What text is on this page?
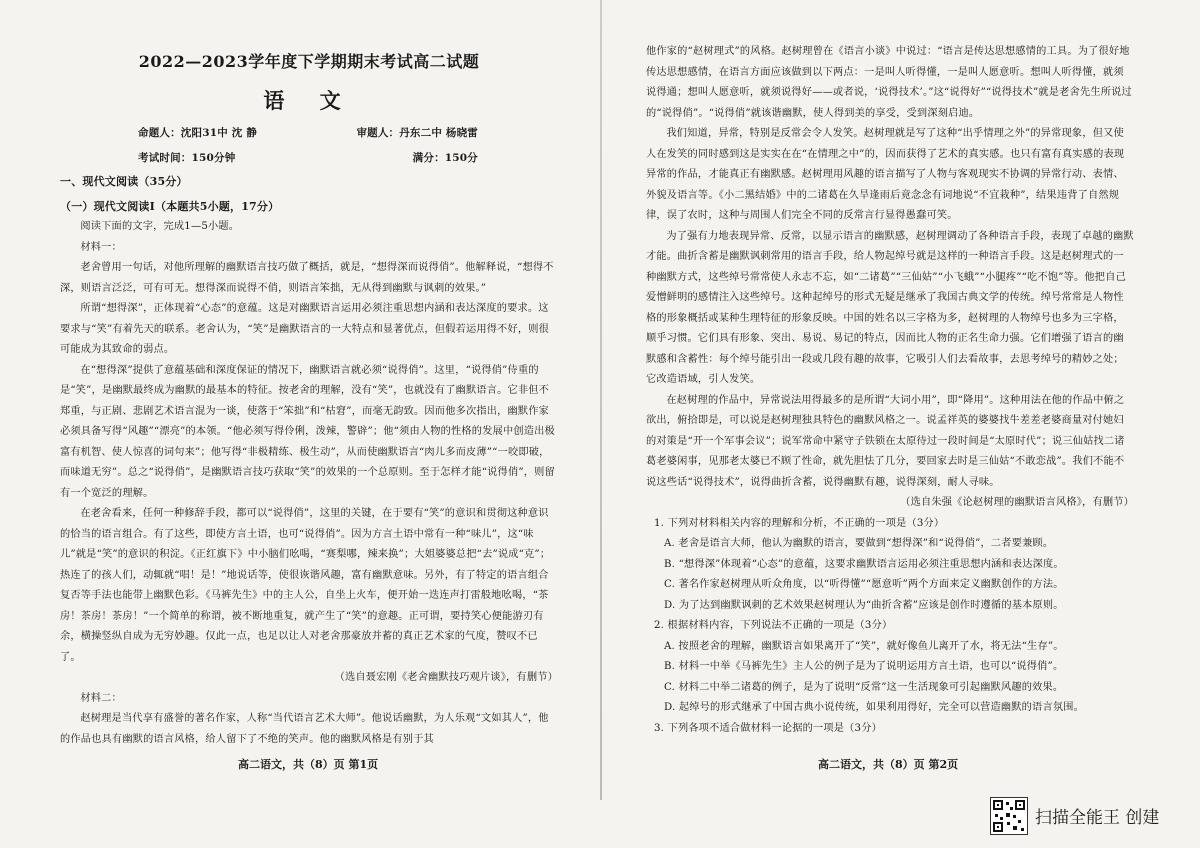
2022—2023学年度下学期期末考试高二试题
语 文
命题人：沈阳31中 沈 静	审题人：丹东二中 杨晓雷
考试时间：150分钟	满分：150分
一、现代文阅读（35分）
（一）现代文阅读Ⅰ（本题共5小题，17分）

阅读下面的文字，完成1—5小题。

材料一：

老舍曾用一句话，对他所理解的幽默语言技巧做了概括，就是，“想得深而说得俏”。他解释说，“想得不深，则语言泛泛，可有可无。想得深而说得不俏，则语言笨拙，无从得到幽默与讽刺的效果。”

所谓“想得深”，正体现着“心态”的意蕴。这是对幽默语言运用必须注重思想内涵和表达深度的要求。这要求与“笑”有着先天的联系。老舍认为，“笑”是幽默语言的一大特点和显著优点，但假若运用得不好，则很可能成为其致命的弱点。

在“想得深”提供了意蕴基础和深度保证的情况下，幽默语言就必须“说得俏”。这里，“说得俏”侍重的是“笑”，是幽默最终成为幽默的最基本的特征。按老舍的理解，没有“笑”，也就没有了幽默语言。它非但不郑重，与正剧、悲剧艺术语言混为一谈，使落于“笨拙”和“枯窘”，而毫无韵致。因而他多次指出，幽默作家必须具备写得“风趣”“漂亮”的本领。“他必须写得伶俐，泼辣，警辟”；他“须由人物的性格的发展中创造出极富有机智、使人惊喜的词句来”；他写得“非极精练、极生动”，从而使幽默语言“肉儿多而皮薄”“一咬即破，而味道无穷”。总之“说得俏”，是幽默语言技巧获取“笑”的效果的一个总原则。至于怎样才能“说得俏”，则留有一个宽泛的理解。

在老舍看来，任何一种修辞手段，都可以“说得俏”，这里的关键，在于要有“笑”的意识和贯彻这种意识的恰当的语言组合。有了这些，即使方言土语，也可“说得俏”。因为方言土语中常有一种“味儿”，这“味儿”就是“笑”的意识的积淀。《正红旗下》中小脑们吆喝，“赛梨哪，辣来换”；大姐婆婆总把“去”说成“克”；热连了的孩人们，动辄就“唱！是！”地说话等，使很诙谐风趣，富有幽默意味。另外，有了特定的语言组合复否等手法也能带上幽默色彩。《马裤先生》中的主人公，自坐上火车，便开始一迭连声打雷般地吆喝，“茶房！茶房！茶房！”一个简单的称谓，被不断地重复，就产生了“笑”的意趣。正可谓，要持笑心便能游刃有余，横操竖纵自成为无穷妙趣。仅此一点，也足以让人对老舍那豪放并蓄的真正艺术家的气度，赞叹不已了。

（选自聂宏刚《老舍幽默技巧观片谈》，有删节）

材料二：

赵树理是当代享有盛誉的著名作家，人称“当代语言艺术大师”。他说话幽默，为人乐观“文如其人”，他的作品也具有幽默的语言风格，给人留下了不绝的笑声。他的幽默风格是有别于其

高二语文，共（8）页 第1页

他作家的“赵树理式”的风格。赵树理曾在《语言小谈》中说过：“语言是传达思想感情的工具。为了很好地传达思想感情，在语言方面应该做到以下两点：一是叫人听得懂，一是叫人愿意听。想叫人听得懂，就须说得通；想叫人愿意听，就须说得好——或者说，‘说得技术’。”这“说得好”“说得技术”就是老舍先生所说过的“说得俏”。“说得俏”就该谐幽默，使人得到美的享受，受到深刻启迪。

我们知道，异常，特别是反常会令人发笑。赵树理就是写了这种“出乎情理之外”的异常现象，但又使人在发笑的同时感到这是实实在在“在情理之中”的，因而获得了艺术的真实感。也只有富有真实感的表现异常的作品，才能真正有幽默感。赵树理用风趣的语言描写了人物与客观现实不协调的异常行动、表情、外貌及语言等。《小二黑结婚》中的二诸葛在久旱逢雨后竟念念有词地说“不宜栽种”，结果违背了自然规律，误了农时，这种与周围人们完全不同的反常言行显得愚蠢可笑。

为了强有力地表现异常、反常，以显示语言的幽默感，赵树理调动了各种语言手段，表现了卓越的幽默才能。曲折含蓄是幽默讽刺常用的语言手段，给人物起绰号就是这样的一种语言手段。这是赵树理式的一种幽默方式，这些绰号常常使人永志不忘，如“二诸葛”“三仙姑”“小飞蛾”“小腿疼”“吃不饱”等。他把自己爱憎鲜明的感情注入这些绰号。这种起绰号的形式无疑是继承了我国古典文学的传统。绰号常常是人物性格的形象概括或某种生理特征的形象反映。中国的姓名以三字格为多，赵树理的人物绰号也多为三字格，顺乎习惯。它们具有形象、突出、易说、易记的特点，因而比人物的正名生命力强。它们增强了语言的幽默感和含蓄性：每个绰号能引出一段或几段有趣的故事，它吸引人们去看故事，去思考绰号的精妙之处；它改造语域，引人发笑。

在赵树理的作品中，异常说法用得最多的是所谓“大词小用”，即“降用”。这种用法在他的作品中俯之欲出，俯拾即是，可以说是赵树理独具特色的幽默风格之一。说孟祥英的婆婆找牛差差老婆商量对付她妇的对策是“开一个军事会议”；说军常命中紧守子铁锁在太原待过一段时间是“太原时代”；说三仙姑找二诸葛老婆闲事，见那老太婆已不顾了性命，就先胆怯了几分，要回家去时是三仙姑“不敢恋战”。我们不能不说这些话“说得技术”，说得曲折含蓄，说得幽默有趣，说得深刻，耐人寻味。

（选自朱强《论赵树理的幽默语言风格》，有删节）

1. 下列对材料相关内容的理解和分析，不正确的一项是（3分）

A. 老舍是语言大师，他认为幽默的语言，要做到“想得深”和“说得俏”，二者要兼顾。

B. “想得深”体现着“心态”的意蕴，这要求幽默语言运用必须注重思想内涵和表达深度。

C. 著名作家赵树理从听众角度，以“听得懂”“愿意听”两个方面来定义幽默创作的方法。

D. 为了达到幽默讽刺的艺术效果赵树理认为“曲折含蓄”应该是创作时遵循的基本原则。

2. 根据材料内容，下列说法不正确的一项是（3分）

A. 按照老舍的理解，幽默语言如果离开了“笑”，就好像鱼儿离开了水，将无法“生存”。

B. 材料一中举《马裤先生》主人公的例子是为了说明运用方言土语，也可以“说得俏”。

C. 材料二中举二诸葛的例子，是为了说明“反常”这一生活现象可引起幽默风趣的效果。

D. 起绰号的形式继承了中国古典小说传统，如果利用得好，完全可以营造幽默的语言氛围。

3. 下列各项不适合做材料一论据的一项是（3分）

高二语文，共（8）页 第2页
扫描全能王 创建
